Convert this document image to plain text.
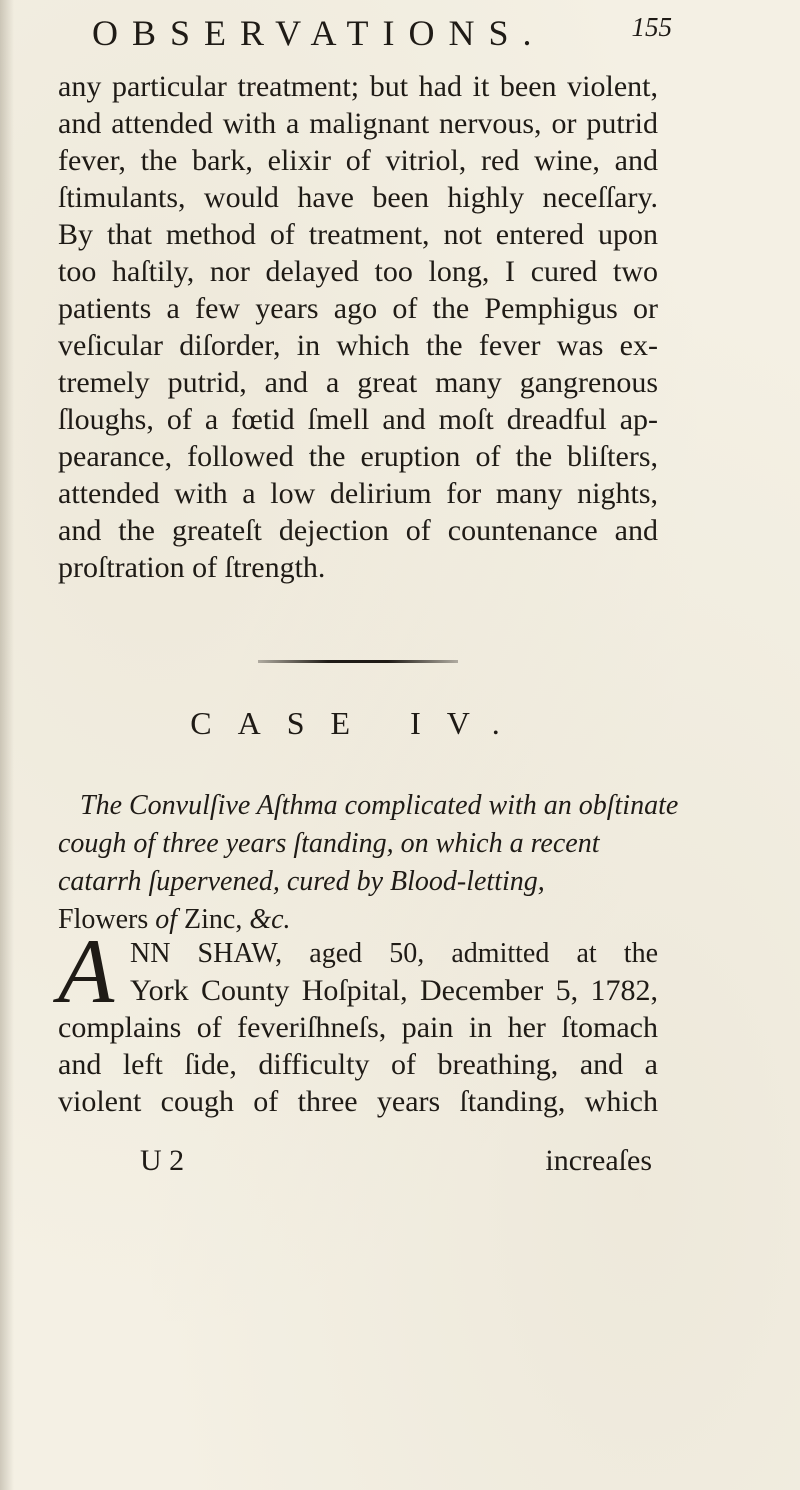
OBSERVATIONS.	155
any particular treatment; but had it been violent,
and attended with a malignant nervous, or putrid
fever, the bark, elixir of vitriol, red wine, and
ſtimulants, would have been highly neceſſary.
By that method of treatment, not entered upon
too haſtily, nor delayed too long, I cured two
patients a few years ago of the Pemphigus or
veſicular diſorder, in which the fever was ex-
tremely putrid, and a great many gangrenous
ſloughs, of a fœtid ſmell and moſt dreadful ap-
pearance, followed the eruption of the bliſters,
attended with a low delirium for many nights,
and the greateſt dejection of countenance and
proſtration of ſtrength.
CASE IV.
The Convulſive Aſthma complicated with an obſtinate
cough of three years ſtanding, on which a recent
catarrh ſupervened, cured by Blood-letting,
Flowers of Zinc, &c.
A NN SHAW, aged 50, admitted at the
York County Hoſpital, December 5, 1782,
complains of feveriſhneſs, pain in her ſtomach
and left ſide, difficulty of breathing, and a
violent cough of three years ſtanding, which
U 2	increaſes
